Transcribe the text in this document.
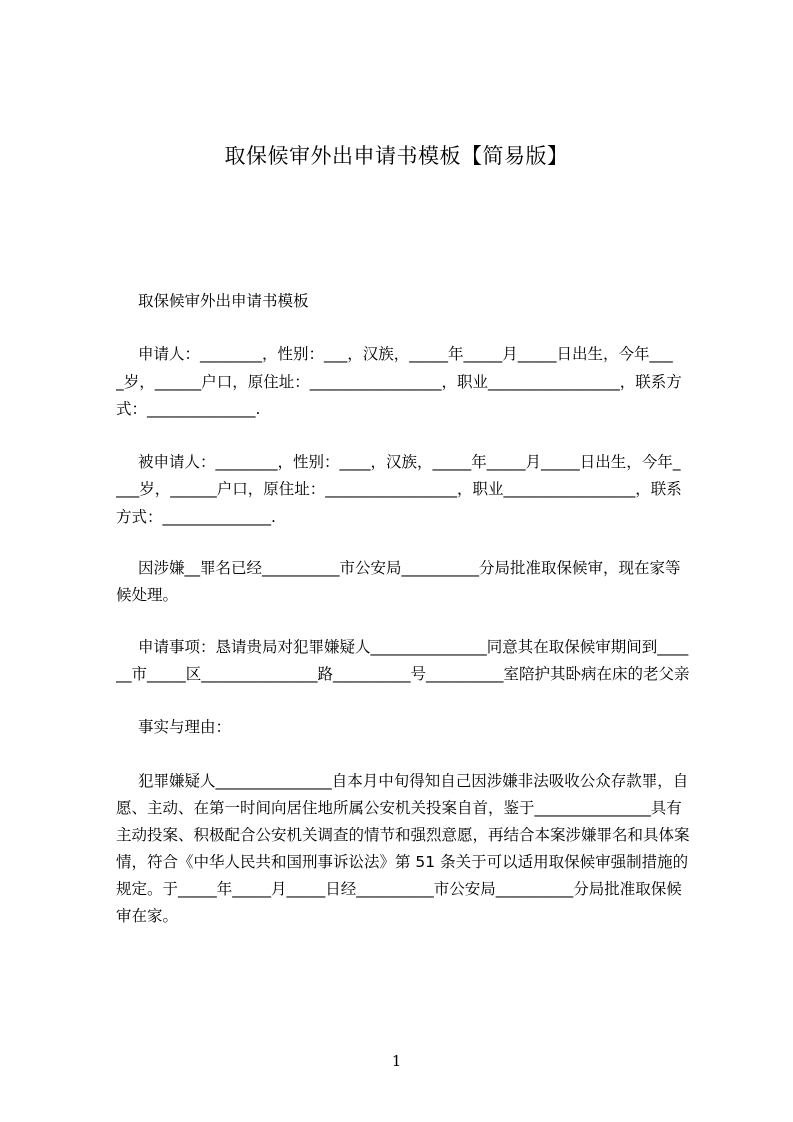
取保候审外出申请书模板【简易版】
取保候审外出申请书模板
申请人：________，性别：___，汉族，_____年_____月_____日出生，今年___
_岁，______户口，原住址：_________________，职业_________________，联系方
式：______________.
被申请人：________，性别：____，汉族，_____年_____月_____日出生，今年_
___岁，______户口，原住址：_________________，职业_________________，联系
方式：______________.
因涉嫌__罪名已经__________市公安局__________分局批准取保候审，现在家等
候处理。
申请事项：恳请贵局对犯罪嫌疑人_______________同意其在取保候审期间到____
__市_____区_______________路__________号__________室陪护其卧病在床的老父亲
事实与理由：
犯罪嫌疑人_______________自本月中旬得知自己因涉嫌非法吸收公众存款罪，自
愿、主动、在第一时间向居住地所属公安机关投案自首，鉴于_______________具有
主动投案、积极配合公安机关调查的情节和强烈意愿，再结合本案涉嫌罪名和具体案
情，符合《中华人民共和国刑事诉讼法》第 51 条关于可以适用取保候审强制措施的
规定。于_____年_____月_____日经__________市公安局__________分局批准取保候
审在家。
1
